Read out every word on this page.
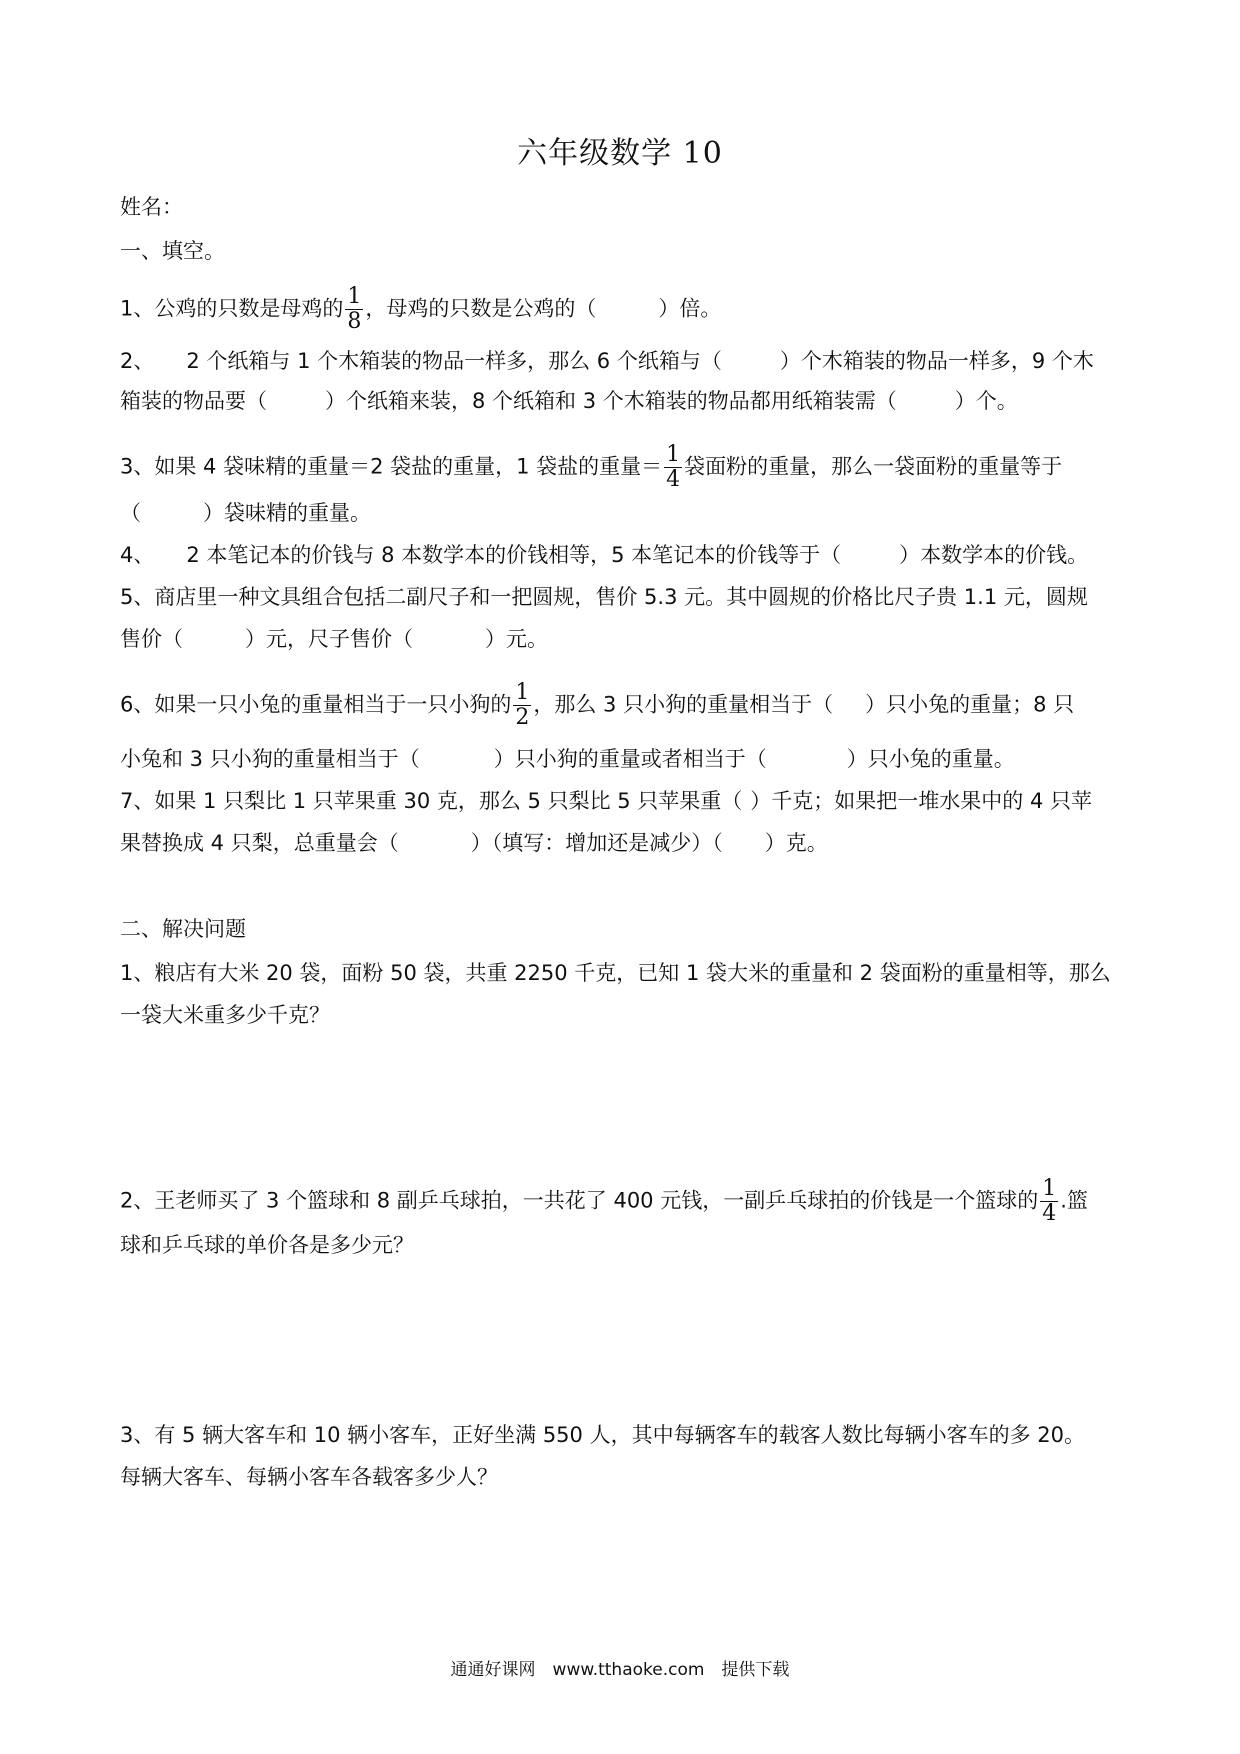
六年级数学 10
姓名：
一、填空。
1、公鸡的只数是母鸡的 $\frac{1}{8}$ ，母鸡的只数是公鸡的（	）倍。
2、 2 个纸箱与 1 个木箱装的物品一样多，那么 6 个纸箱与（	）个木箱装的物品一样多，9 个木
箱装的物品要（	）个纸箱来装，8 个纸箱和 3 个木箱装的物品都用纸箱装需（	）个。
3、如果 4 袋味精的重量＝2 袋盐的重量，1 袋盐的重量＝ $\frac{1}{4}$ 袋面粉的重量，那么一袋面粉的重量等于
（	）袋味精的重量。
4、 2 本笔记本的价钱与 8 本数学本的价钱相等，5 本笔记本的价钱等于（	）本数学本的价钱。
5、商店里一种文具组合包括二副尺子和一把圆规，售价 5.3 元。其中圆规的价格比尺子贵 1.1 元，圆规
售价（	）元，尺子售价（	）元。
6、如果一只小兔的重量相当于一只小狗的 $\frac{1}{2}$ ，那么 3 只小狗的重量相当于（ ）只小兔的重量；8 只
小兔和 3 只小狗的重量相当于（	）只小狗的重量或者相当于（	）只小兔的重量。
7、如果 1 只梨比 1 只苹果重 30 克，那么 5 只梨比 5 只苹果重（ ）千克；如果把一堆水果中的 4 只苹
果替换成 4 只梨，总重量会（	）（填写：增加还是减少）（ ）克。
二、解决问题
1、粮店有大米 20 袋，面粉 50 袋，共重 2250 千克，已知 1 袋大米的重量和 2 袋面粉的重量相等，那么
一袋大米重多少千克？
2、王老师买了 3 个篮球和 8 副乒乓球拍，一共花了 400 元钱，一副乒乓球拍的价钱是一个篮球的 $\frac{1}{4}$ .篮
球和乒乓球的单价各是多少元？
3、有 5 辆大客车和 10 辆小客车，正好坐满 550 人，其中每辆客车的载客人数比每辆小客车的多 20。
每辆大客车、每辆小客车各载客多少人？
通通好课网　www.tthaoke.com　提供下载
